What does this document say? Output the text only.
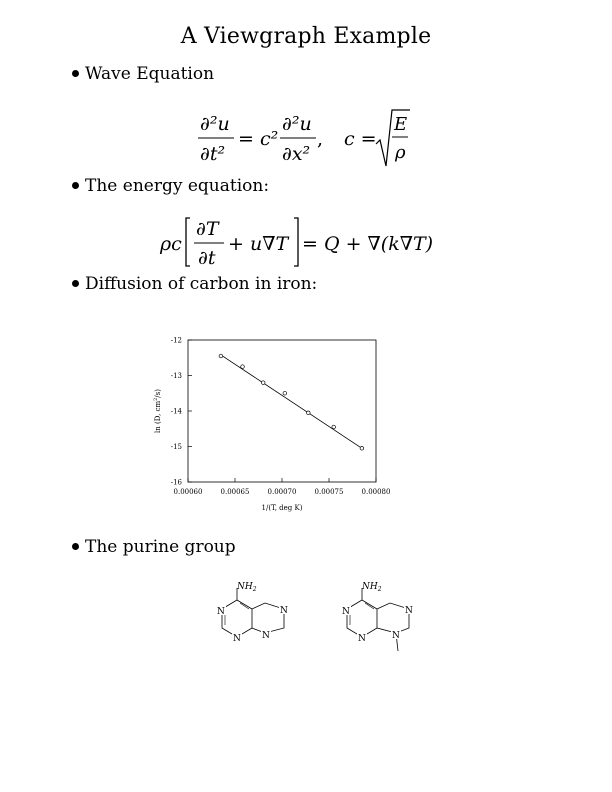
A Viewgraph Example
Wave Equation
∂²u
∂t²
= c²
∂²u
∂x²
, c =
E
ρ
The energy equation:
ρc
∂T
∂t
+ u∇T = Q + ∇(k∇T)
Diffusion of carbon in iron:
-12
-13
-14
-15
-16
0.00060	0.00065	0.00070	0.00075	0.00080
1/(T, deg K)
ln (D, $cm^2/s$)
The purine group
$NH_2$
N
N
N
N
$NH_2$
N
N
N
N
